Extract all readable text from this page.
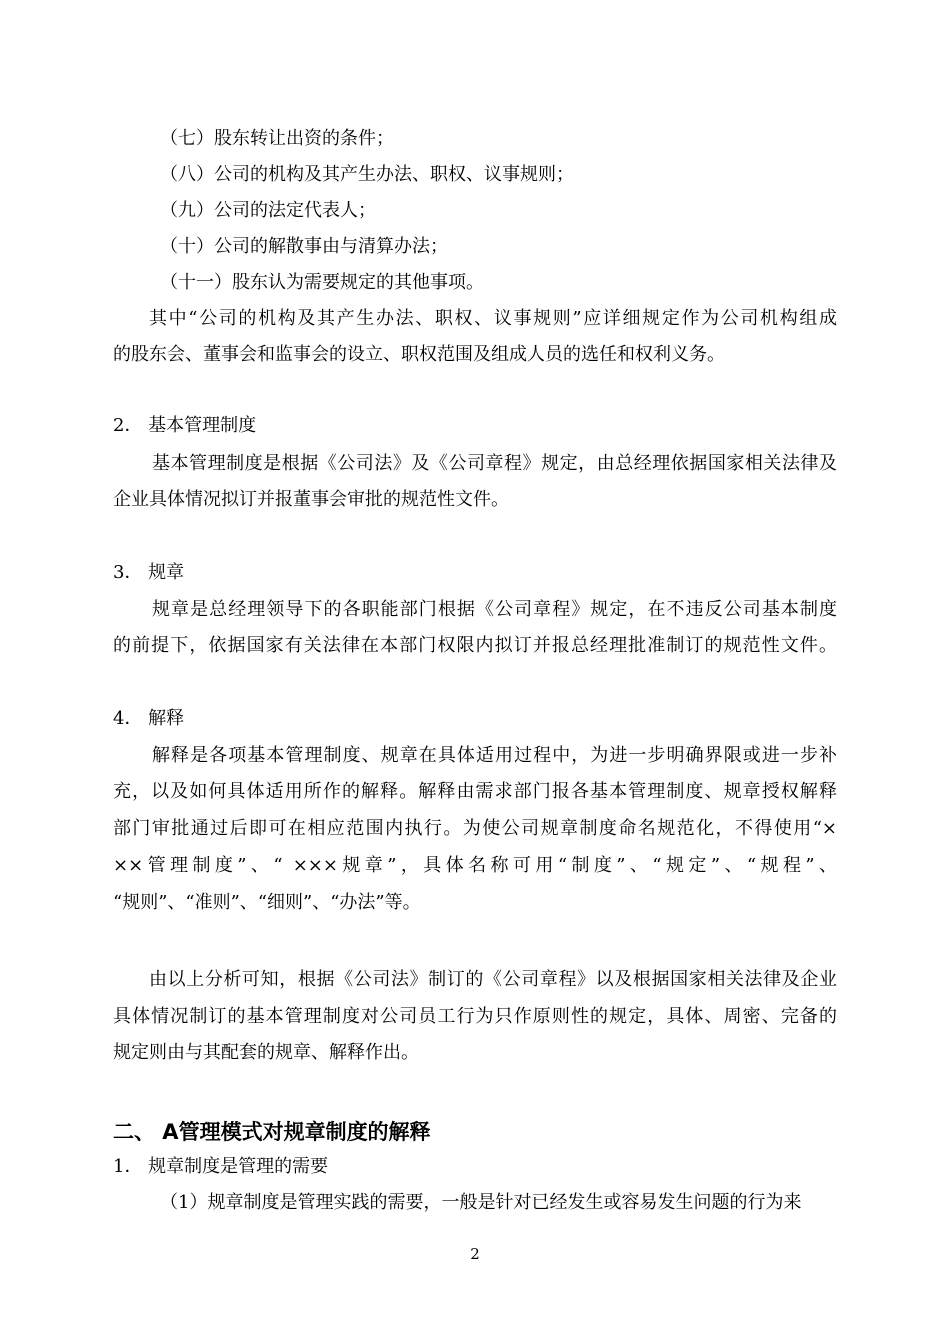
（七）股东转让出资的条件；
（八）公司的机构及其产生办法、职权、议事规则；
（九）公司的法定代表人；
（十）公司的解散事由与清算办法；
（十一）股东认为需要规定的其他事项。
其中“公司的机构及其产生办法、职权、议事规则”应详细规定作为公司机构组成
的股东会、董事会和监事会的设立、职权范围及组成人员的选任和权利义务。
2． 基本管理制度
基本管理制度是根据《公司法》及《公司章程》规定，由总经理依据国家相关法律及
企业具体情况拟订并报董事会审批的规范性文件。
3． 规章
规章是总经理领导下的各职能部门根据《公司章程》规定，在不违反公司基本制度
的前提下，依据国家有关法律在本部门权限内拟订并报总经理批准制订的规范性文件。
4． 解释
解释是各项基本管理制度、规章在具体适用过程中，为进一步明确界限或进一步补
充，以及如何具体适用所作的解释。解释由需求部门报各基本管理制度、规章授权解释
部门审批通过后即可在相应范围内执行。为使公司规章制度命名规范化，不得使用“×
××管理制度”、“ ×××规章”，具体名称可用“制度”、“规定”、“规程”、
“规则”、“准则”、“细则”、“办法”等。
由以上分析可知，根据《公司法》制订的《公司章程》以及根据国家相关法律及企业
具体情况制订的基本管理制度对公司员工行为只作原则性的规定，具体、周密、完备的
规定则由与其配套的规章、解释作出。
二、 A管理模式对规章制度的解释
1． 规章制度是管理的需要
（1）规章制度是管理实践的需要，一般是针对已经发生或容易发生问题的行为来
2
